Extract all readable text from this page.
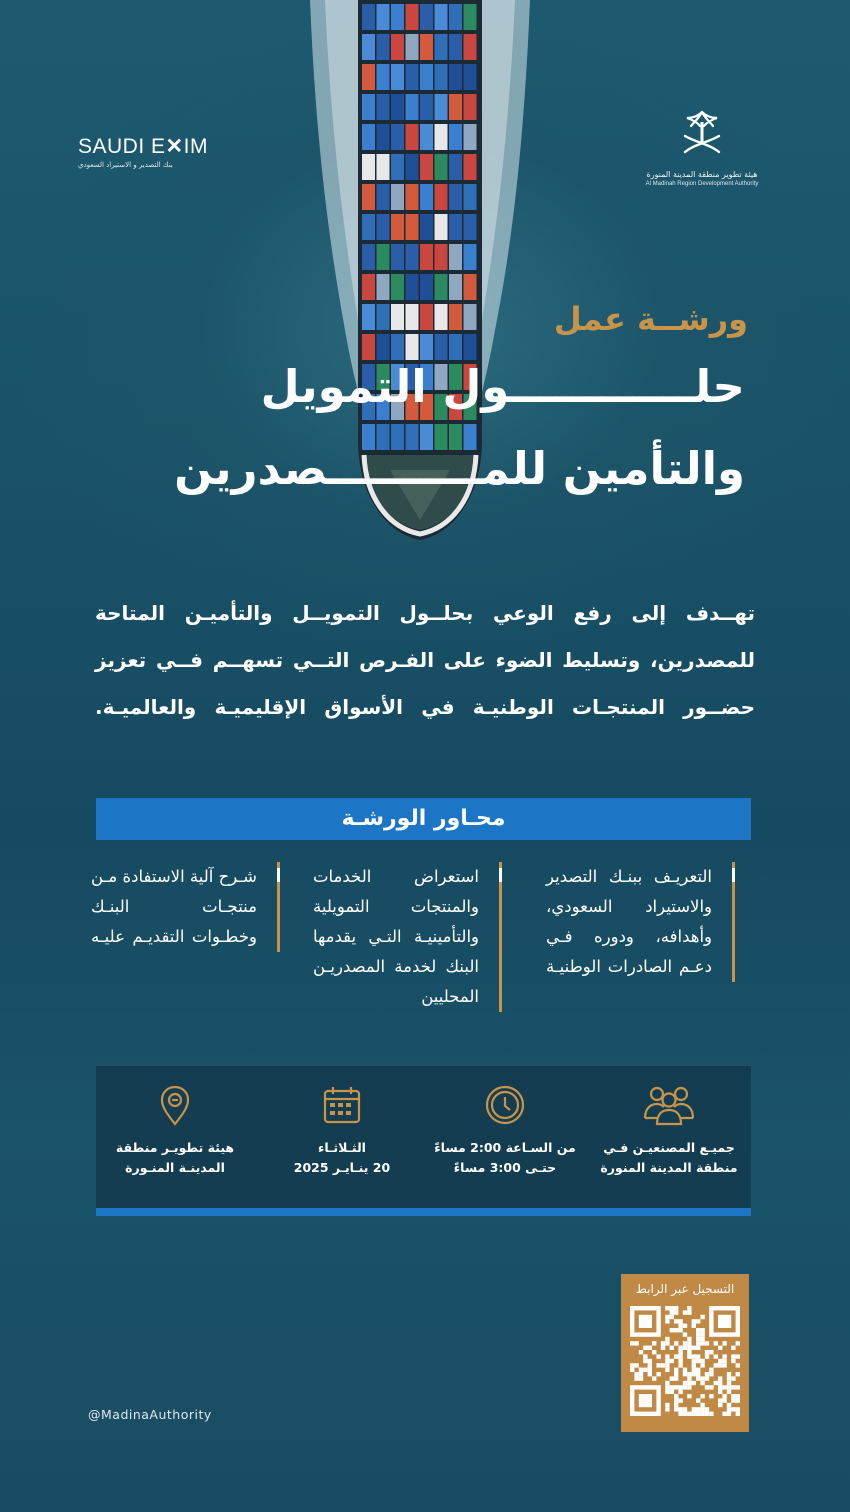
SAUDI E✕IM
بنك التصدير و الاستيراد السعودي
هيئة تطوير منطقة المدينة المنورة
Al Madinah Region Development Authority
ورشــة عمل
حلــــــــــــول التمويل
والتأمين للمــــــــــصدرين
تهــدف إلى رفع الوعي بحلــول التمويــل والتأميـن المتاحة للمصدرين، وتسليط الضوء على الفـرص التــي تسهــم فــي تعزيز حضــور المنتجـات الوطنيـة في الأسواق الإقليميـة والعالميـة.
محـاور الورشـة
التعريـف ببنـك التصدير والاستيراد السعودي، وأهدافه، ودوره فـي دعـم الصادرات الوطنيـة
استعراض الخدمات والمنتجات التمويلية والتأمينيـة التـي يقدمها البنك لخدمة المصدريـن المحليين
شـرح آلية الاستفادة مـن منتجـات البنـك وخطـوات التقديـم عليـه
جميـع المصنعيـن فـي
منطقة المدينة المنورة
من السـاعة 2:00 مساءً
حتـى 3:00 مساءً
الثـلاثـاء
20 ينـايـر 2025
هيئة تطويـر منطقة
المدينـة المنـورة
التسجيل عبر الرابط
@MadinaAuthority
